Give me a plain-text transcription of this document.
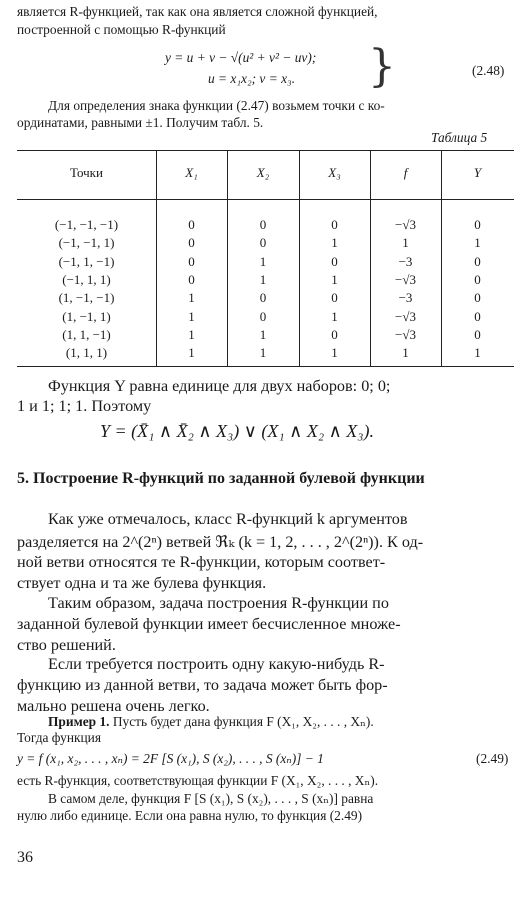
является R-функцией, так как она является сложной функцией,
построенной с помощью R-функций
y = u + v − √(u² + v² − uv);
u = x₁x₂; v = x₃. }	(2.48)
Для определения знака функции (2.47) возьмем точки с ко-
ординатами, равными ±1. Получим табл. 5.
Таблица 5
Точки	X₁	X₂	X₃	f	Y
(−1, −1, −1)	0	0	0	−√3	0
(−1, −1, 1)	0	0	1	1	1
(−1, 1, −1)	0	1	0	−3	0
(−1, 1, 1)	0	1	1	−√3	0
(1, −1, −1)	1	0	0	−3	0
(1, −1, 1)	1	0	1	−√3	0
(1, 1, −1)	1	1	0	−√3	0
(1, 1, 1)	1	1	1	1	1
Функция Y равна единице для двух наборов: 0; 0;
1 и 1; 1; 1. Поэтому
Y = (X̄₁ ∧ X̄₂ ∧ X₃) ∨ (X₁ ∧ X₂ ∧ X₃).
5. Построение R-функций по заданной булевой функции
Как уже отмечалось, класс R-функций k аргументов
разделяется на 2^(2ⁿ) ветвей ℜₖ (k = 1, 2, . . . , 2^(2ⁿ)). К од-
ной ветви относятся те R-функции, которым соответ-
ствует одна и та же булева функция.
Таким образом, задача построения R-функции по
заданной булевой функции имеет бесчисленное множе-
ство решений.
Если требуется построить одну какую-нибудь R-
функцию из данной ветви, то задача может быть фор-
мально решена очень легко.
Пример 1. Пусть будет дана функция F (X₁, X₂, . . . , Xₙ).
Тогда функция
y = f (x₁, x₂, . . . , xₙ) = 2F [S (x₁), S (x₂), . . . , S (xₙ)] − 1	(2.49)
есть R-функция, соответствующая функции F (X₁, X₂, . . . , Xₙ).
В самом деле, функция F [S (x₁), S (x₂), . . . , S (xₙ)] равна
нулю либо единице. Если она равна нулю, то функция (2.49)
36
